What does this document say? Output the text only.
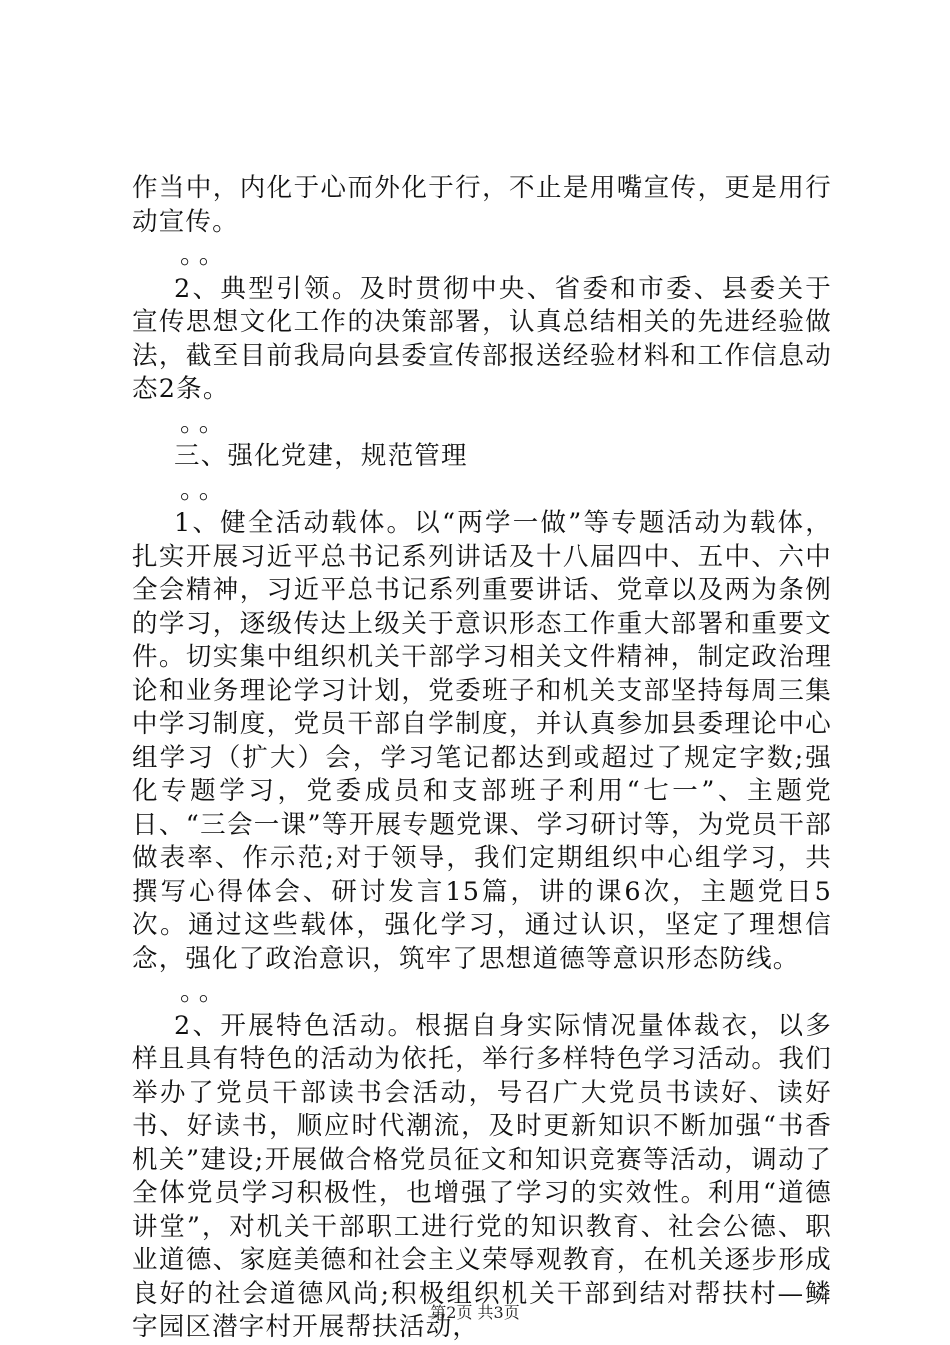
作当中，内化于心而外化于行，不止是用嘴宣传，更是用行动宣传。

。。

2、典型引领。及时贯彻中央、省委和市委、县委关于宣传思想文化工作的决策部署，认真总结相关的先进经验做法，截至目前我局向县委宣传部报送经验材料和工作信息动态2条。

。。

三、强化党建，规范管理

。。

1、健全活动载体。以“两学一做”等专题活动为载体，扎实开展习近平总书记系列讲话及十八届四中、五中、六中全会精神，习近平总书记系列重要讲话、党章以及两为条例的学习，逐级传达上级关于意识形态工作重大部署和重要文件。切实集中组织机关干部学习相关文件精神，制定政治理论和业务理论学习计划，党委班子和机关支部坚持每周三集中学习制度，党员干部自学制度，并认真参加县委理论中心组学习（扩大）会，学习笔记都达到或超过了规定字数;强化专题学习，党委成员和支部班子利用“七一”、主题党日、“三会一课”等开展专题党课、学习研讨等，为党员干部做表率、作示范;对于领导，我们定期组织中心组学习，共撰写心得体会、研讨发言15篇，讲的课6次，主题党日5次。通过这些载体，强化学习，通过认识，坚定了理想信念，强化了政治意识，筑牢了思想道德等意识形态防线。

。。

2、开展特色活动。根据自身实际情况量体裁衣，以多样且具有特色的活动为依托，举行多样特色学习活动。我们举办了党员干部读书会活动，号召广大党员书读好、读好书、好读书，顺应时代潮流，及时更新知识不断加强“书香机关”建设;开展做合格党员征文和知识竞赛等活动，调动了全体党员学习积极性，也增强了学习的实效性。利用“道德讲堂”，对机关干部职工进行党的知识教育、社会公德、职业道德、家庭美德和社会主义荣辱观教育，在机关逐步形成良好的社会道德风尚;积极组织机关干部到结对帮扶村—鳞字园区潜字村开展帮扶活动，

第2页 共3页
